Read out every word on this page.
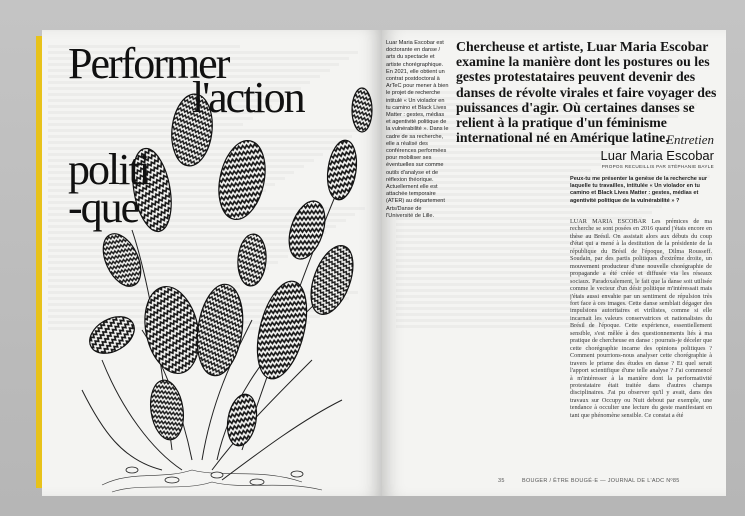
Performer
l'action
politi
-que
Luar Maria Escobar est doctorante en danse / arts du spectacle et artiste chorégraphique. En 2021, elle obtient un contrat postdoctoral à ArTeC pour mener à bien le projet de recherche intitulé « Un violador en tu camino et Black Lives Matter : gestes, médias et agentivité politique de la vulnérabilité ». Dans le cadre de sa recherche, elle a réalisé des conférences performées pour mobiliser ses éventuelles sur comme outils d'analyse et de réflexion théorique. Actuellement elle est attachée temporaire (ATER) au département Arts/Danse de l'Université de Lille.
Chercheuse et artiste, Luar Maria Escobar examine la manière dont les postures ou les gestes protestataires peuvent devenir des danses de révolte virales et faire voyager des puissances d'agir. Où certaines danses se relient à la pratique d'un féminisme international né en Amérique latine.
Entretien
Luar Maria Escobar
PROPOS RECUEILLIS PAR STÉPHANIE BAYLE
Peux-tu me présenter la genèse de la recherche sur laquelle tu travailles, intitulée « Un violador en tu camino et Black Lives Matter : gestes, médias et agentivité politique de la vulnérabilité » ?
LUAR MARIA ESCOBAR Les prémices de ma recherche se sont posées en 2016 quand j'étais encore en thèse au Brésil. On assistait alors aux débuts du coup d'état qui a mené à la destitution de la présidente de la république du Brésil de l'époque, Dilma Rousseff. Soudain, par des partis politiques d'extrême droite, un mouvement producteur d'une nouvelle chorégraphie de propagande a été créée et diffusée via les réseaux sociaux. Paradoxalement, le fait que la danse soit utilisée comme le vecteur d'un désir politique m'intéressait mais j'étais aussi envahie par un sentiment de répulsion très fort face à ces images. Cette danse semblait dégager des impulsions autoritaires et virilistes, comme si elle incarnait les valeurs conservatrices et nationalistes du Brésil de l'époque. Cette expérience, essentiellement sensible, s'est mêlée à des questionnements liés à ma pratique de chercheuse en danse : pourrais-je déceler que cette chorégraphie incarne des opinions politiques ? Comment pourrions-nous analyser cette chorégraphie à travers le prisme des études en danse ? Et quel serait l'apport scientifique d'une telle analyse ? J'ai commencé à m'intéresser à la manière dont la performativité protestataire était traitée dans d'autres champs disciplinaires. J'ai pu observer qu'il y avait, dans des travaux sur Occupy ou Nuit debout par exemple, une tendance à occulter une lecture du geste manifestant en tant que phénomène sensible. Ce constat a été
35	BOUGER / ÊTRE BOUGÉ·E — JOURNAL DE L'ADC Nº85
